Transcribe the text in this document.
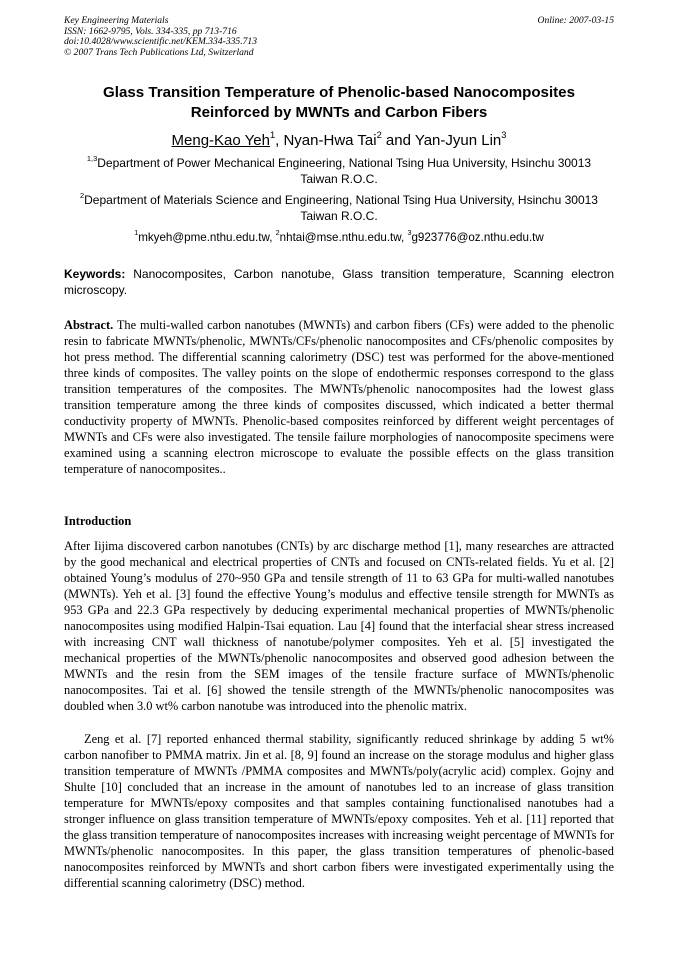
Key Engineering Materials
ISSN: 1662-9795, Vols. 334-335, pp 713-716
doi:10.4028/www.scientific.net/KEM.334-335.713
© 2007 Trans Tech Publications Ltd, Switzerland
Online: 2007-03-15
Glass Transition Temperature of Phenolic-based Nanocomposites
Reinforced by MWNTs and Carbon Fibers
Meng-Kao Yeh$^1$, Nyan-Hwa Tai$^2$ and Yan-Jyun Lin$^3$
$^{1,3}$Department of Power Mechanical Engineering, National Tsing Hua University, Hsinchu 30013
Taiwan R.O.C.
$^2$Department of Materials Science and Engineering, National Tsing Hua University, Hsinchu 30013
Taiwan R.O.C.
$^1$mkyeh@pme.nthu.edu.tw, $^2$nhtai@mse.nthu.edu.tw, $^3$g923776@oz.nthu.edu.tw
Keywords: Nanocomposites, Carbon nanotube, Glass transition temperature, Scanning electron microscopy.
Abstract. The multi-walled carbon nanotubes (MWNTs) and carbon fibers (CFs) were added to the phenolic resin to fabricate MWNTs/phenolic, MWNTs/CFs/phenolic nanocomposites and CFs/phenolic composites by hot press method. The differential scanning calorimetry (DSC) test was performed for the above-mentioned three kinds of composites. The valley points on the slope of endothermic responses correspond to the glass transition temperatures of the composites. The MWNTs/phenolic nanocomposites had the lowest glass transition temperature among the three kinds of composites discussed, which indicated a better thermal conductivity property of MWNTs. Phenolic-based composites reinforced by different weight percentages of MWNTs and CFs were also investigated. The tensile failure morphologies of nanocomposite specimens were examined using a scanning electron microscope to evaluate the possible effects on the glass transition temperature of nanocomposites..
Introduction
After Iijima discovered carbon nanotubes (CNTs) by arc discharge method [1], many researches are attracted by the good mechanical and electrical properties of CNTs and focused on CNTs-related fields. Yu et al. [2] obtained Young’s modulus of 270~950 GPa and tensile strength of 11 to 63 GPa for multi-walled nanotubes (MWNTs). Yeh et al. [3] found the effective Young’s modulus and effective tensile strength for MWNTs as 953 GPa and 22.3 GPa respectively by deducing experimental mechanical properties of MWNTs/phenolic nanocomposites using modified Halpin-Tsai equation. Lau [4] found that the interfacial shear stress increased with increasing CNT wall thickness of nanotube/polymer composites. Yeh et al. [5] investigated the mechanical properties of the MWNTs/phenolic nanocomposites and observed good adhesion between the MWNTs and the resin from the SEM images of the tensile fracture surface of MWNTs/phenolic nanocomposites. Tai et al. [6] showed the tensile strength of the MWNTs/phenolic nanocomposites was doubled when 3.0 wt% carbon nanotube was introduced into the phenolic matrix.
Zeng et al. [7] reported enhanced thermal stability, significantly reduced shrinkage by adding 5 wt% carbon nanofiber to PMMA matrix. Jin et al. [8, 9] found an increase on the storage modulus and higher glass transition temperature of MWNTs /PMMA composites and MWNTs/poly(acrylic acid) complex. Gojny and Shulte [10] concluded that an increase in the amount of nanotubes led to an increase of glass transition temperature for MWNTs/epoxy composites and that samples containing functionalised nanotubes had a stronger influence on glass transition temperature of MWNTs/epoxy composites. Yeh et al. [11] reported that the glass transition temperature of nanocomposites increases with increasing weight percentage of MWNTs for MWNTs/phenolic nanocomposites. In this paper, the glass transition temperatures of phenolic-based nanocomposites reinforced by MWNTs and short carbon fibers were investigated experimentally using the differential scanning calorimetry (DSC) method.
